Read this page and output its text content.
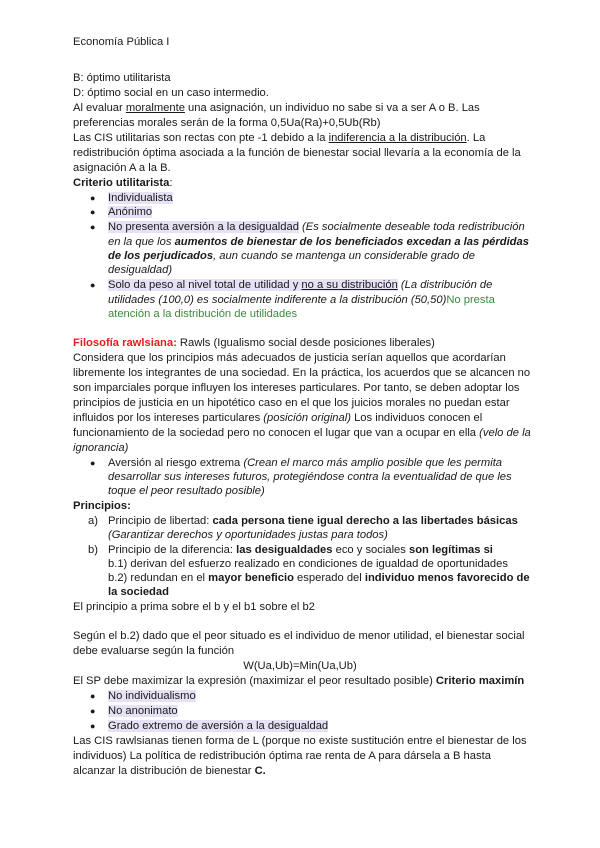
Economía Pública I
B: óptimo utilitarista
D: óptimo social en un caso intermedio.
Al evaluar moralmente una asignación, un individuo no sabe si va a ser A o B. Las
preferencias morales serán de la forma 0,5Ua(Ra)+0,5Ub(Rb)
Las CIS utilitarias son rectas con pte -1 debido a la indiferencia a la distribución. La
redistribución óptima asociada a la función de bienestar social llevaría a la economía de la
asignación A a la B.
Criterio utilitarista:
● Individualista
● Anónimo
● No presenta aversión a la desigualdad (Es socialmente deseable toda redistribución
en la que los aumentos de bienestar de los beneficiados excedan a las pérdidas
de los perjudicados, aun cuando se mantenga un considerable grado de
desigualdad)
● Solo da peso al nivel total de utilidad y no a su distribución (La distribución de
utilidades (100,0) es socialmente indiferente a la distribución (50,50)No presta
atención a la distribución de utilidades
Filosofía rawlsiana: Rawls (Igualismo social desde posiciones liberales)
Considera que los principios más adecuados de justicia serían aquellos que acordarían
libremente los integrantes de una sociedad. En la práctica, los acuerdos que se alcancen no
son imparciales porque influyen los intereses particulares. Por tanto, se deben adoptar los
principios de justicia en un hipotético caso en el que los juicios morales no puedan estar
influidos por los intereses particulares (posición original) Los individuos conocen el
funcionamiento de la sociedad pero no conocen el lugar que van a ocupar en ella (velo de la
ignorancia)
● Aversión al riesgo extrema (Crean el marco más amplio posible que les permita
desarrollar sus intereses futuros, protegiéndose contra la eventualidad de que les
toque el peor resultado posible)
Principios:
a) Principio de libertad: cada persona tiene igual derecho a las libertades básicas
(Garantizar derechos y oportunidades justas para todos)
b) Principio de la diferencia: las desigualdades eco y sociales son legítimas si
b.1) derivan del esfuerzo realizado en condiciones de igualdad de oportunidades
b.2) redundan en el mayor beneficio esperado del individuo menos favorecido de
la sociedad
El principio a prima sobre el b y el b1 sobre el b2
Según el b.2) dado que el peor situado es el individuo de menor utilidad, el bienestar social
debe evaluarse según la función
W(Ua,Ub)=Min(Ua,Ub)
El SP debe maximizar la expresión (maximizar el peor resultado posible) Criterio maximín
● No individualismo
● No anonimato
● Grado extremo de aversión a la desigualdad
Las CIS rawlsianas tienen forma de L (porque no existe sustitución entre el bienestar de los
individuos) La política de redistribución óptima rae renta de A para dársela a B hasta
alcanzar la distribución de bienestar C.
